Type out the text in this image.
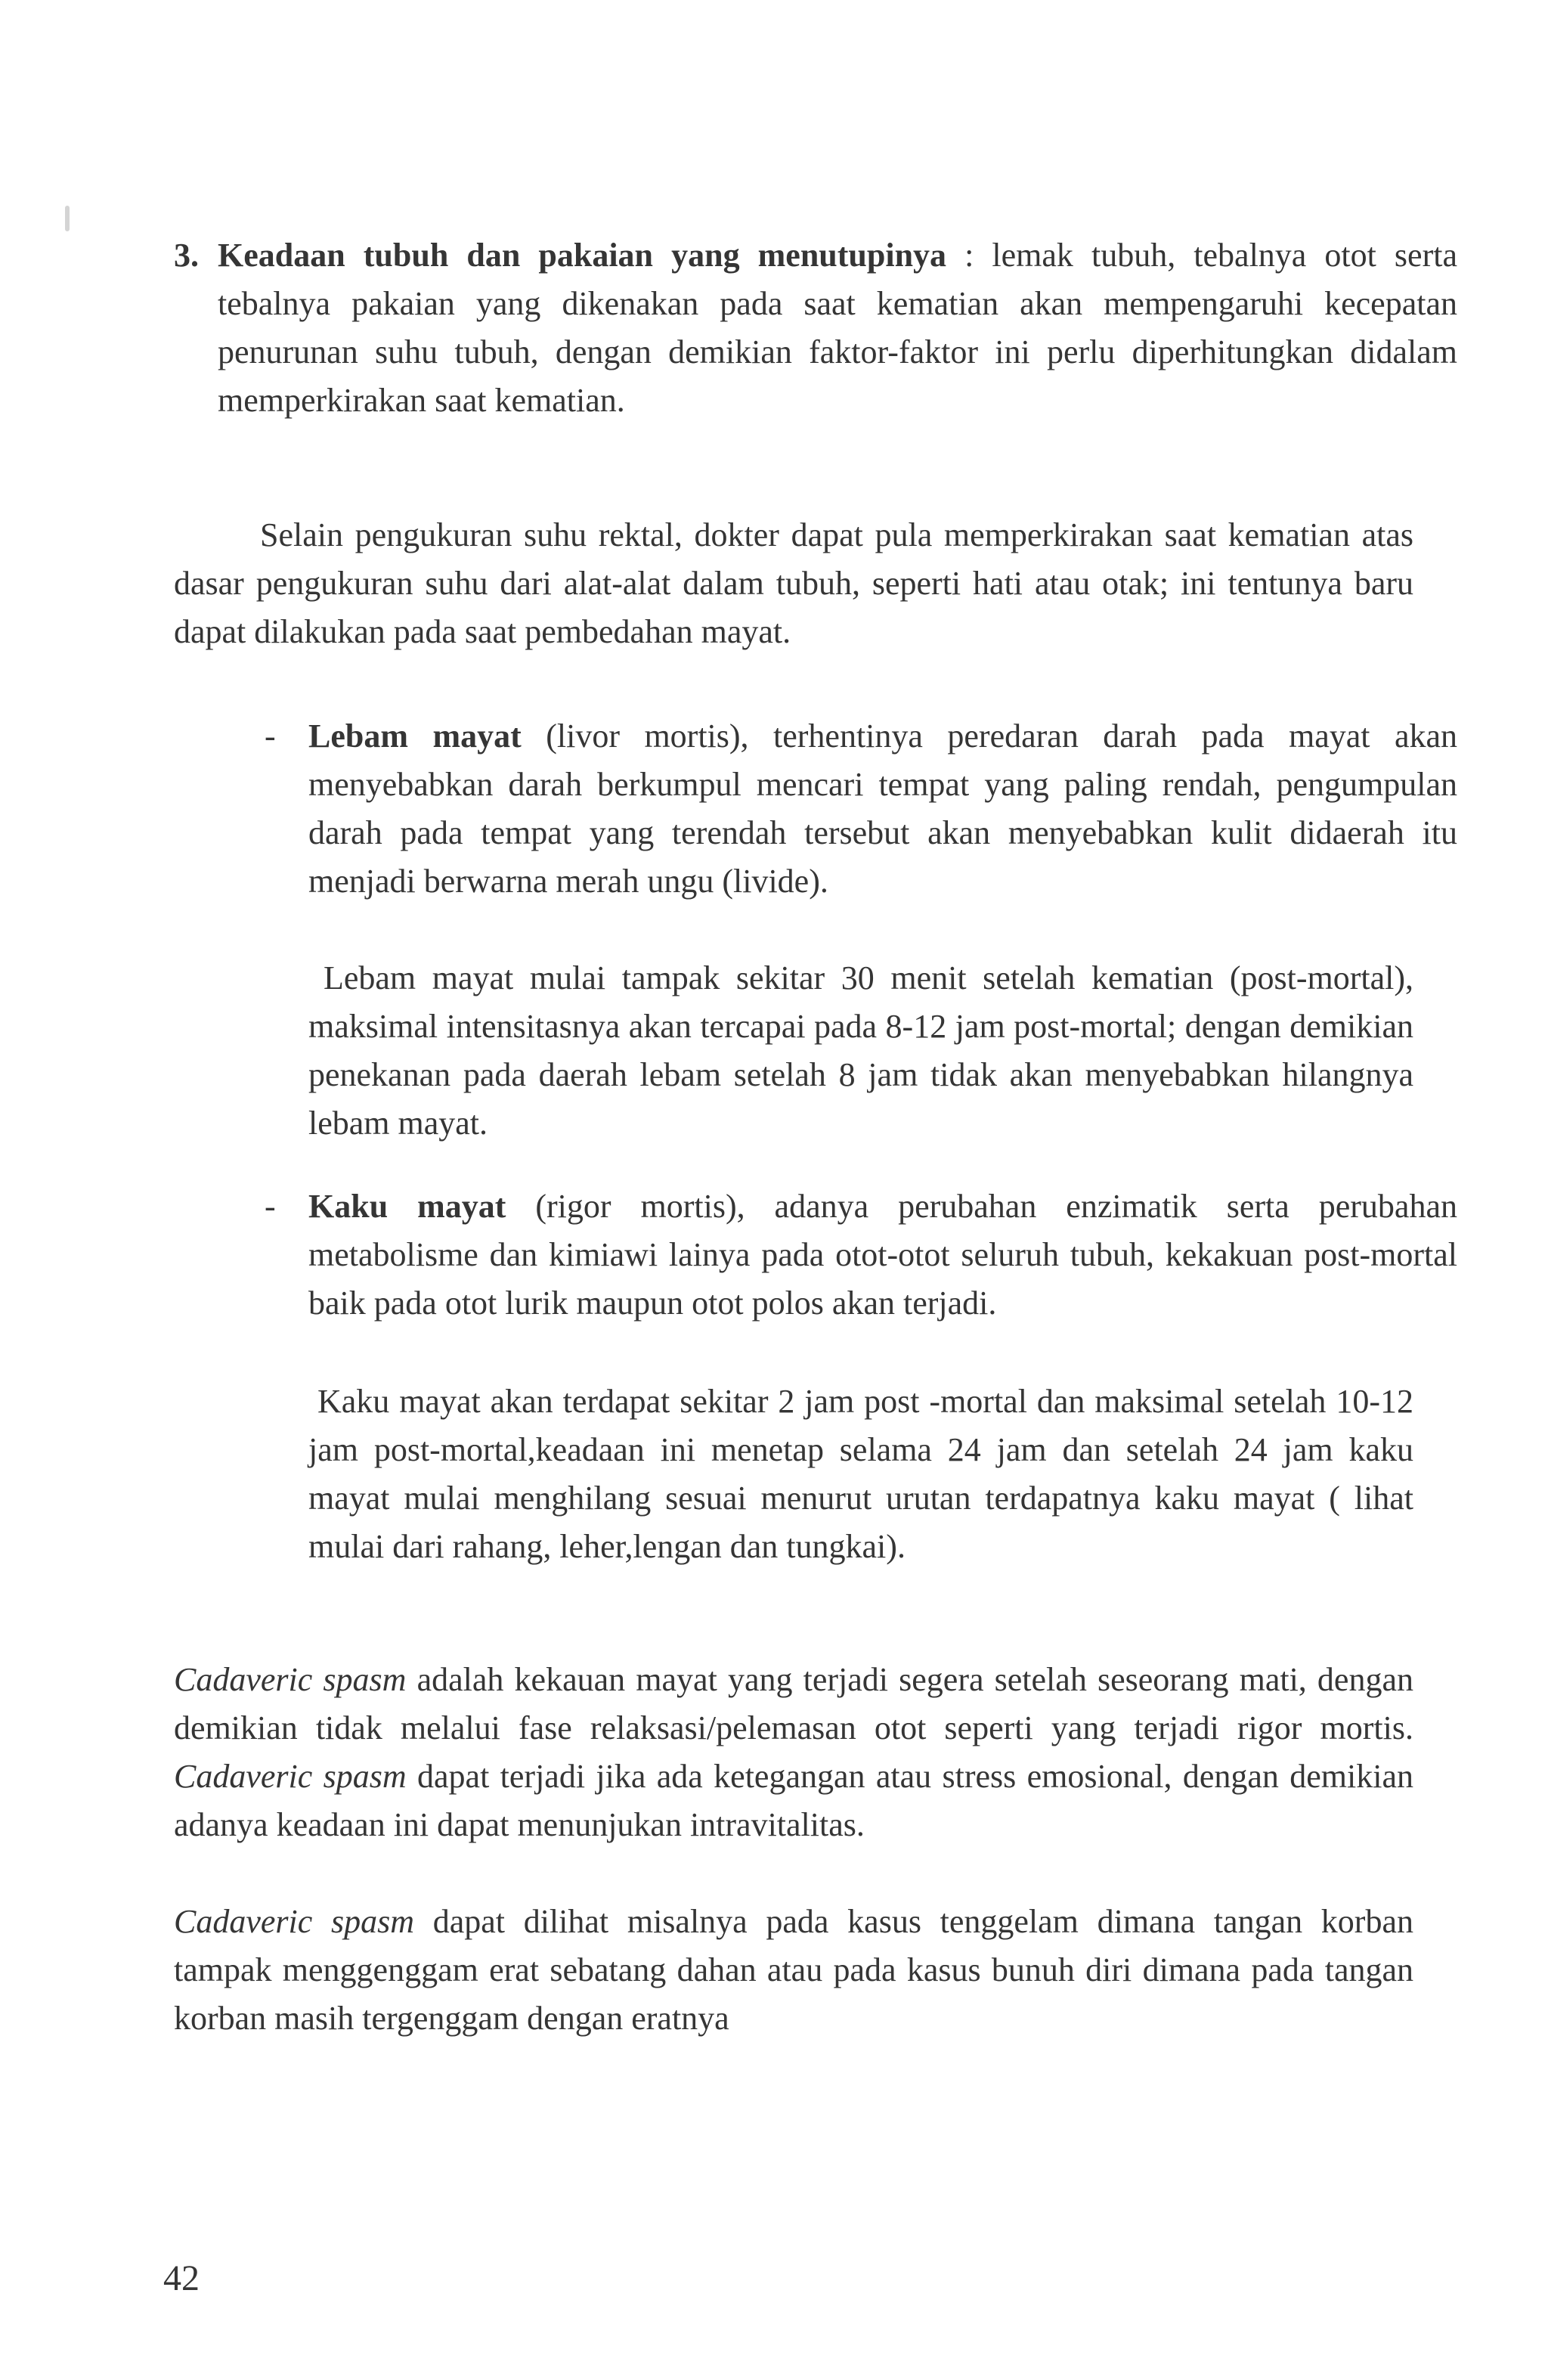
3. Keadaan tubuh dan pakaian yang menutupinya : lemak tubuh, tebalnya otot serta tebalnya pakaian yang dikenakan pada saat kematian akan mempengaruhi kecepatan penurunan suhu tubuh, dengan demikian faktor-faktor ini perlu diperhitungkan didalam memperkirakan saat kematian.

Selain pengukuran suhu rektal, dokter dapat pula memperkirakan saat kematian atas dasar pengukuran suhu dari alat-alat dalam tubuh, seperti hati atau otak; ini tentunya baru dapat dilakukan pada saat pembedahan mayat.

- Lebam mayat (livor mortis), terhentinya peredaran darah pada mayat akan menyebabkan darah berkumpul mencari tempat yang paling rendah, pengumpulan darah pada tempat yang terendah tersebut akan menyebabkan kulit didaerah itu menjadi berwarna merah ungu (livide).

Lebam mayat mulai tampak sekitar 30 menit setelah kematian (post-mortal), maksimal intensitasnya akan tercapai pada 8-12 jam post-mortal; dengan demikian penekanan pada daerah lebam setelah 8 jam tidak akan menyebabkan hilangnya lebam mayat.

- Kaku mayat (rigor mortis), adanya perubahan enzimatik serta perubahan metabolisme dan kimiawi lainya pada otot-otot seluruh tubuh, kekakuan post-mortal baik pada otot lurik maupun otot polos akan terjadi.

Kaku mayat akan terdapat sekitar 2 jam post -mortal dan maksimal setelah 10-12 jam post-mortal,keadaan ini menetap selama 24 jam dan setelah 24 jam kaku mayat mulai menghilang sesuai menurut urutan terdapatnya kaku mayat ( lihat mulai dari rahang, leher,lengan dan tungkai).

Cadaveric spasm adalah kekauan mayat yang terjadi segera setelah seseorang mati, dengan demikian tidak melalui fase relaksasi/pelemasan otot seperti yang terjadi rigor mortis. Cadaveric spasm dapat terjadi jika ada ketegangan atau stress emosional, dengan demikian adanya keadaan ini dapat menunjukan intravitalitas.

Cadaveric spasm dapat dilihat misalnya pada kasus tenggelam dimana tangan korban tampak menggenggam erat sebatang dahan atau pada kasus bunuh diri dimana pada tangan korban masih tergenggam dengan eratnya

42
